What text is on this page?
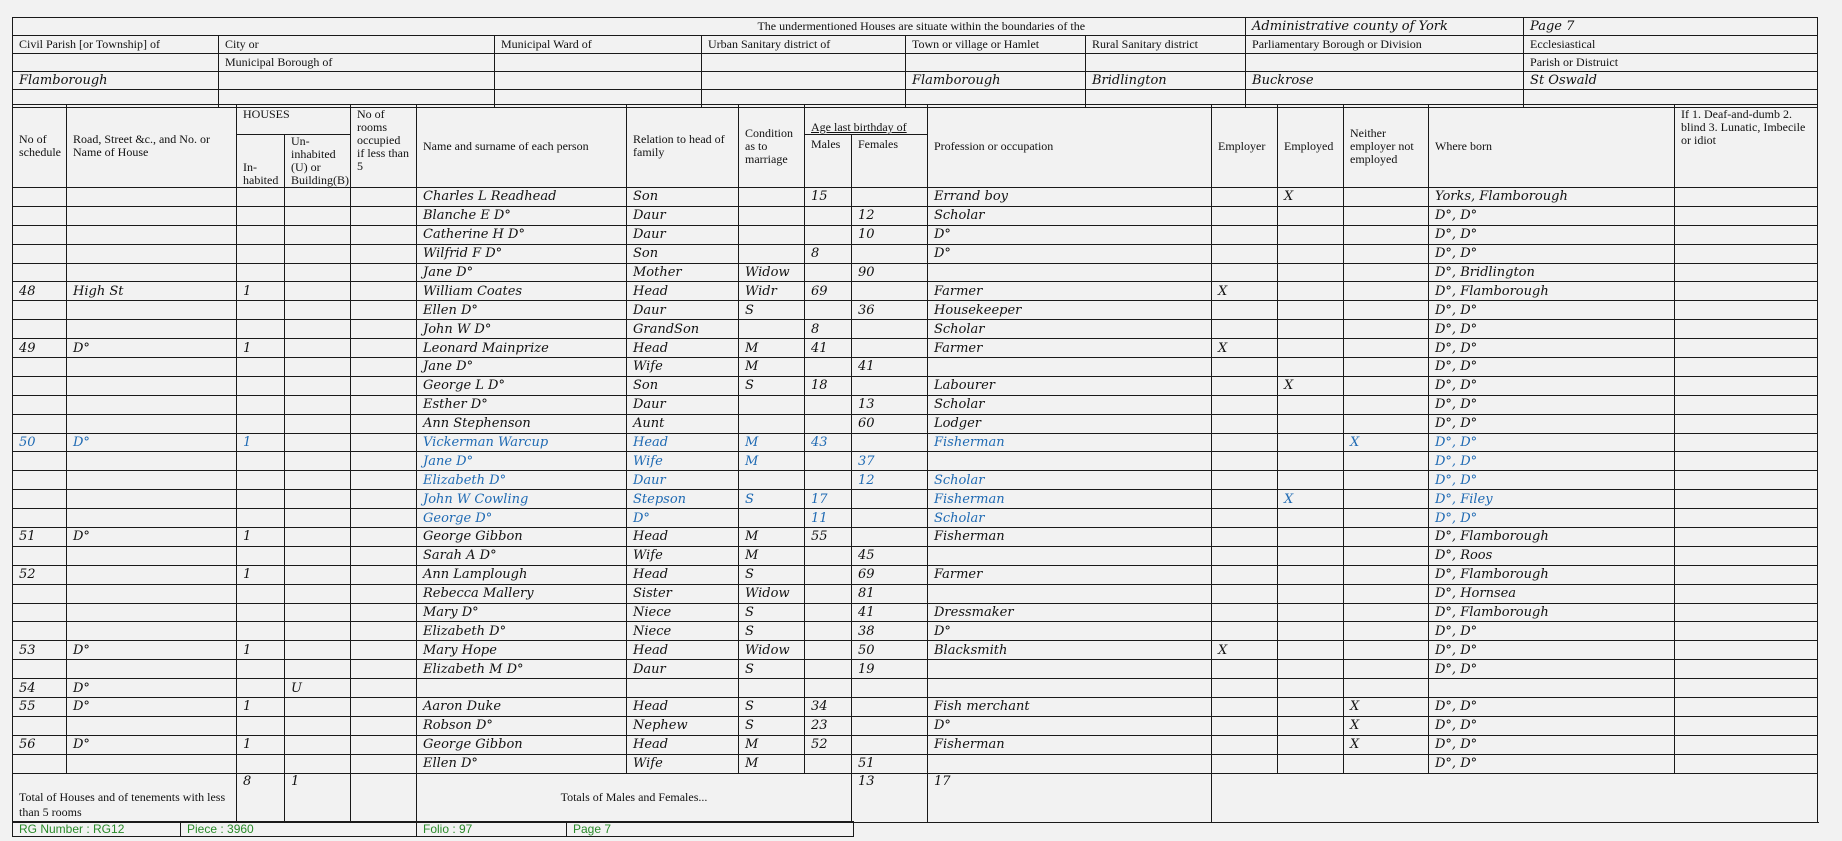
The undermentioned Houses are situate within the boundaries of the						Administrative county of York	Page 7
Civil Parish [or Township] of	City or	Municipal Ward of	Urban Sanitary district of	Town or village or Hamlet	Rural Sanitary district	Parliamentary Borough or Division	Ecclesiastical
	Municipal Borough of						Parish or Distruict
Flamborough				Flamborough	Bridlington	Buckrose	St Oswald

No of schedule	Road, Street &c., and No. or Name of House	HOUSES		No of rooms occupied if less than 5	Name and surname of each person	Relation to head of family	Condition as to marriage	Age last birthday of		Profession or occupation	Employer	Employed	Neither employer not employed	Where born	If 1. Deaf-and-dumb 2. blind 3. Lunatic, Imbecile or idiot
		In- habited	Un- inhabited (U) or Building(B)					Males	Females						
					Charles L Readhead	Son		15		Errand boy		X		Yorks, Flamborough	
					Blanche E D°	Daur			12	Scholar				D°, D°	
					Catherine H D°	Daur			10	D°				D°, D°	
					Wilfrid F D°	Son		8		D°				D°, D°	
					Jane D°	Mother	Widow		90					D°, Bridlington	
48	High St	1			William Coates	Head	Widr	69		Farmer	X			D°, Flamborough	
					Ellen D°	Daur	S		36	Housekeeper				D°, D°	
					John W D°	GrandSon		8		Scholar				D°, D°	
49	D°	1			Leonard Mainprize	Head	M	41		Farmer	X			D°, D°	
					Jane D°	Wife	M		41					D°, D°	
					George L D°	Son	S	18		Labourer		X		D°, D°	
					Esther D°	Daur			13	Scholar				D°, D°	
					Ann Stephenson	Aunt			60	Lodger				D°, D°	
50	D°	1			Vickerman Warcup	Head	M	43		Fisherman			X	D°, D°	
					Jane D°	Wife	M		37					D°, D°	
					Elizabeth D°	Daur			12	Scholar				D°, D°	
					John W Cowling	Stepson	S	17		Fisherman		X		D°, Filey	
					George D°	D°		11		Scholar				D°, D°	
51	D°	1			George Gibbon	Head	M	55		Fisherman				D°, Flamborough	
					Sarah A D°	Wife	M		45					D°, Roos	
52		1			Ann Lamplough	Head	S		69	Farmer				D°, Flamborough	
					Rebecca Mallery	Sister	Widow		81					D°, Hornsea	
					Mary D°	Niece	S		41	Dressmaker				D°, Flamborough	
					Elizabeth D°	Niece	S		38	D°				D°, D°	
53	D°	1			Mary Hope	Head	Widow		50	Blacksmith	X			D°, D°	
					Elizabeth M D°	Daur	S		19					D°, D°	
54	D°		U												
55	D°	1			Aaron Duke	Head	S	34		Fish merchant			X	D°, D°	
					Robson D°	Nephew	S	23		D°			X	D°, D°	
56	D°	1			George Gibbon	Head	M	52		Fisherman			X	D°, D°	
					Ellen D°	Wife	M		51					D°, D°	
Total of Houses and of tenements with less than 5 rooms		8	1		Totals of Males and Females...				13	17					
RG Number : RG12	Piece : 3960	Folio : 97	Page 7
